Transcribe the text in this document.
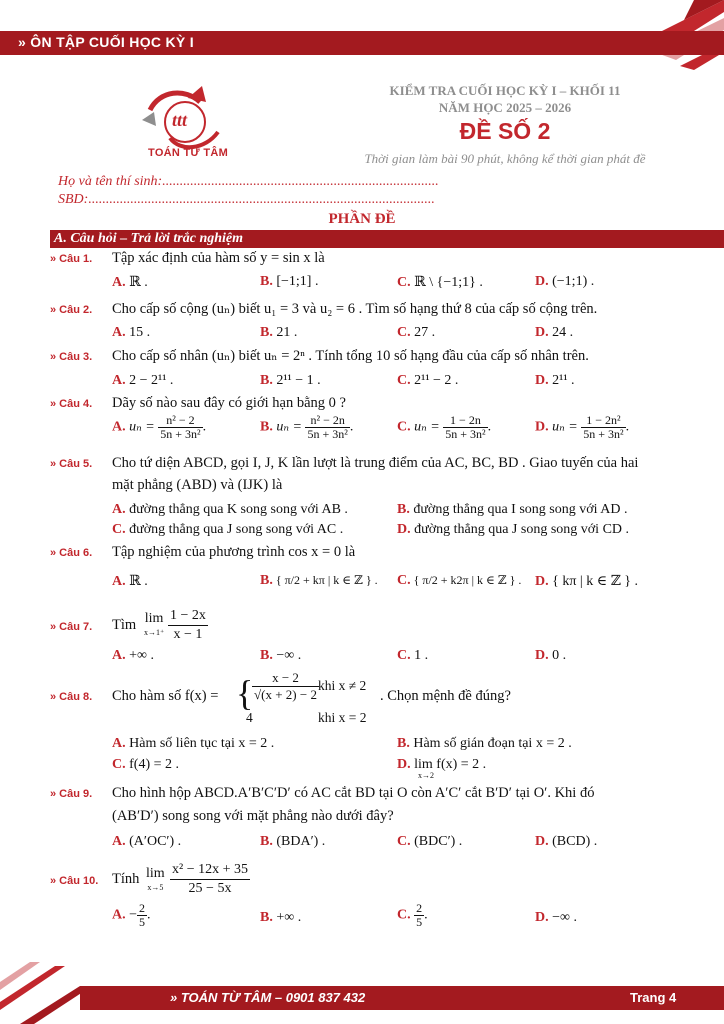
» ÔN TẬP CUỐI HỌC KỲ I
ttt
TOÁN TỪ TÂM
KIỂM TRA CUỐI HỌC KỲ I – KHỐI 11
NĂM HỌC 2025 – 2026
ĐỀ SỐ 2
Thời gian làm bài 90 phút, không kể thời gian phát đề
Họ và tên thí sinh:...............................................................................
SBD:...................................................................................................
PHẦN ĐỀ
A. Câu hỏi – Trả lời trắc nghiệm
» Câu 1. Tập xác định của hàm số y = sin x là
A. ℝ .	B. [−1;1] .	C. ℝ \ {−1;1} .	D. (−1;1) .
» Câu 2. Cho cấp số cộng (uₙ) biết u₁ = 3 và u₂ = 6 . Tìm số hạng thứ 8 của cấp số cộng trên.
A. 15 .	B. 21 .	C. 27 .	D. 24 .
» Câu 3. Cho cấp số nhân (uₙ) biết uₙ = 2ⁿ . Tính tổng 10 số hạng đầu của cấp số nhân trên.
A. 2 − 2¹¹ .	B. 2¹¹ − 1 .	C. 2¹¹ − 2 .	D. 2¹¹ .
» Câu 4. Dãy số nào sau đây có giới hạn bằng 0 ?
A. $u_n = \frac{\text{n² − 2}}{\text{5n + 3n²}}$ .	B. $u_n = \frac{\text{n² − 2n}}{\text{5n + 3n²}}$ .	C. $u_n = \frac{1 - 2n}{\text{5n + 3n²}}$ .	D. $u_n = \frac{\text{1 − 2n²}}{\text{5n + 3n²}}$ .
» Câu 5. Cho tứ diện ABCD, gọi I, J, K lần lượt là trung điểm của AC, BC, BD . Giao tuyến của hai
mặt phẳng (ABD) và (IJK) là
A. đường thẳng qua K song song với AB .	B. đường thẳng qua I song song với AD .
C. đường thẳng qua J song song với AC .	D. đường thẳng qua J song song với CD .
» Câu 6. Tập nghiệm của phương trình cos x = 0 là
A. ℝ .	B. { π/2 + kπ | k ∈ ℤ } . C. { π/2 + k2π | k ∈ ℤ } . D. { kπ | k ∈ ℤ } .
» Câu 7. Tìm lim
$x\to 1^+ \frac{1 - 2x}{x - 1}$
A. +∞ .	B. −∞ .	C. 1 .	D. 0 .
» Câu 8. Cho hàm số f(x) = {
$\frac{x - 2}{√(x + 2) - 2}$ khi x ≠ 2
4	khi x = 2
. Chọn mệnh đề đúng?
A. Hàm số liên tục tại x = 2 .	B. Hàm số gián đoạn tại x = 2 .
C. f(4) = 2 .	D. lim f(x) = 2 .
x→2
» Câu 9. Cho hình hộp ABCD.A′B′C′D′ có AC cắt BD tại O còn A′C′ cắt B′D′ tại O′. Khi đó
(AB′D′) song song với mặt phẳng nào dưới đây?
A. (A′OC′) .	B. (BDA′) .	C. (BDC′) .	D. (BCD) .
» Câu 10. Tính lim
$x\to 5 \frac{\text{x² − 12x + 35}}{25 - 5x}$
A. − $\frac{2}{5}$ .	B. +∞ .	C. $\frac{2}{5}$ .	D. −∞ .
» TOÁN TỪ TÂM – 0901 837 432	Trang 4
